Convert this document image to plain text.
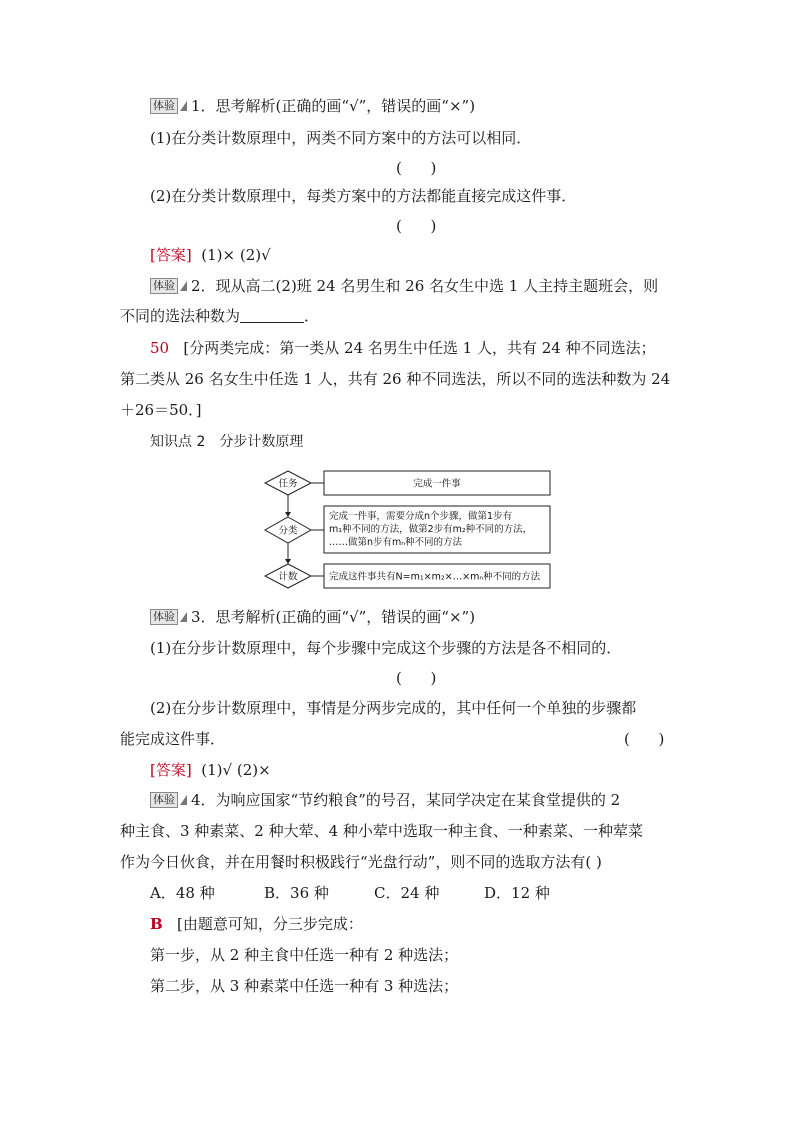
体验 1．思考解析(正确的画“√”，错误的画“×”)
(1)在分类计数原理中，两类不同方案中的方法可以相同．
(      )
(2)在分类计数原理中，每类方案中的方法都能直接完成这件事．
(      )
[答案] (1)× (2)√
体验 2．现从高二(2)班 24 名男生和 26 名女生中选 1 人主持主题班会，则
不同的选法种数为	．
50 [分两类完成：第一类从 24 名男生中任选 1 人，共有 24 种不同选法；
第二类从 26 名女生中任选 1 人，共有 26 种不同选法，所以不同的选法种数为 24
＋26＝50．]
知识点 2　分步计数原理
任务
分类
计数
完成一件事
完成一件事，需要分成n个步骤，做第1步有
m₁种不同的方法，做第2步有m₂种不同的方法，
……做第n步有mₙ种不同的方法
完成这件事共有N=m₁×m₂×…×mₙ种不同的方法
体验 3．思考解析(正确的画“√”，错误的画“×”)
(1)在分步计数原理中，每个步骤中完成这个步骤的方法是各不相同的．
(      )
(2)在分步计数原理中，事情是分两步完成的，其中任何一个单独的步骤都
能完成这件事．	(      )
[答案] (1)√ (2)×
体验 4．为响应国家“节约粮食”的号召，某同学决定在某食堂提供的 2
种主食、3 种素菜、2 种大荤、4 种小荤中选取一种主食、一种素菜、一种荤菜
作为今日伙食，并在用餐时积极践行“光盘行动”，则不同的选取方法有( )
A．48 种	B．36 种	C．24 种	D．12 种
B [由题意可知，分三步完成：
第一步，从 2 种主食中任选一种有 2 种选法；
第二步，从 3 种素菜中任选一种有 3 种选法；
